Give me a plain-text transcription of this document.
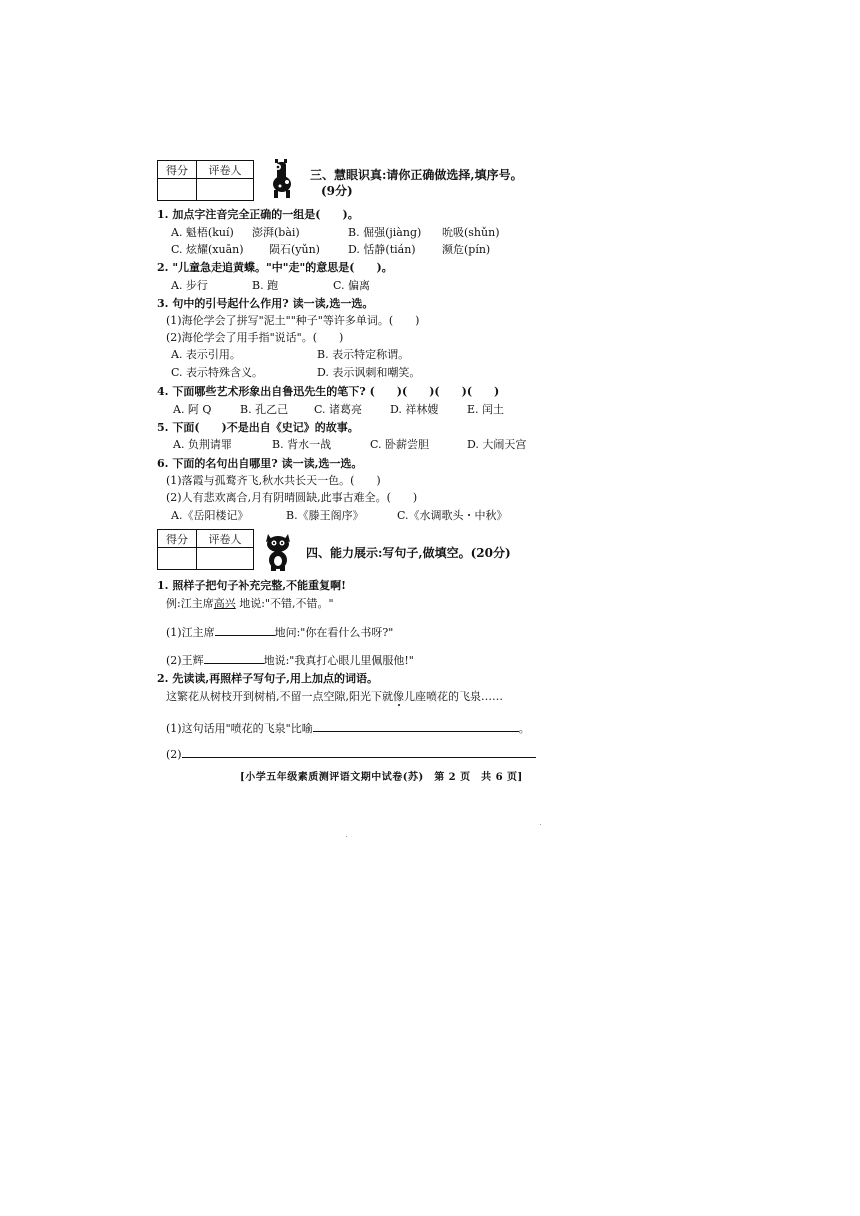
得分	评卷人
		三、慧眼识真:请你正确做选择,填序号。
(9分)
1. 加点字注音完全正确的一组是(　　)。
A. 魁梧(kuí) 澎湃(bài)	B. 倔强(jiàng) 吮吸(shǔn)
C. 炫耀(xuān) 陨石(yǔn)	D. 恬静(tián) 濒危(pín)
2. "儿童急走追黄蝶。"中"走"的意思是(　　)。
A. 步行	B. 跑	C. 偏离
3. 句中的引号起什么作用? 读一读,选一选。
(1)海伦学会了拼写"泥土""种子"等许多单词。(　　)
(2)海伦学会了用手指"说话"。(　　)
A. 表示引用。	B. 表示特定称谓。
C. 表示特殊含义。	D. 表示讽刺和嘲笑。
4. 下面哪些艺术形象出自鲁迅先生的笔下? (　　)(　　)(　　)(　　)
A. 阿 Q	B. 孔乙己 C. 诸葛亮	D. 祥林嫂	E. 闰土
5. 下面(　　)不是出自《史记》的故事。
A. 负荆请罪	B. 背水一战	C. 卧薪尝胆	D. 大闹天宫
6. 下面的名句出自哪里? 读一读,选一选。
(1)落霞与孤鹜齐飞,秋水共长天一色。(　　)
(2)人有悲欢离合,月有阴晴圆缺,此事古难全。(　　)
A.《岳阳楼记》	B.《滕王阁序》	C.《水调歌头・中秋》
得分	评卷人

四、能力展示:写句子,做填空。(20分)
1. 照样子把句子补充完整,不能重复啊!
例:江主席高兴 地说:"不错,不错。"
(1)江主席	地问:"你在看什么书呀?"
(2)王辉	地说:"我真打心眼儿里佩服他!"
2. 先读读,再照样子写句子,用上加点的词语。
这繁花从树枝开到树梢,不留一点空隙,阳光下就像儿座喷花的飞泉……
(1)这句话用"喷花的飞泉"比喻	。
(2)
[小学五年级素质测评语文期中试卷(苏)　第 2 页　共 6 页]
